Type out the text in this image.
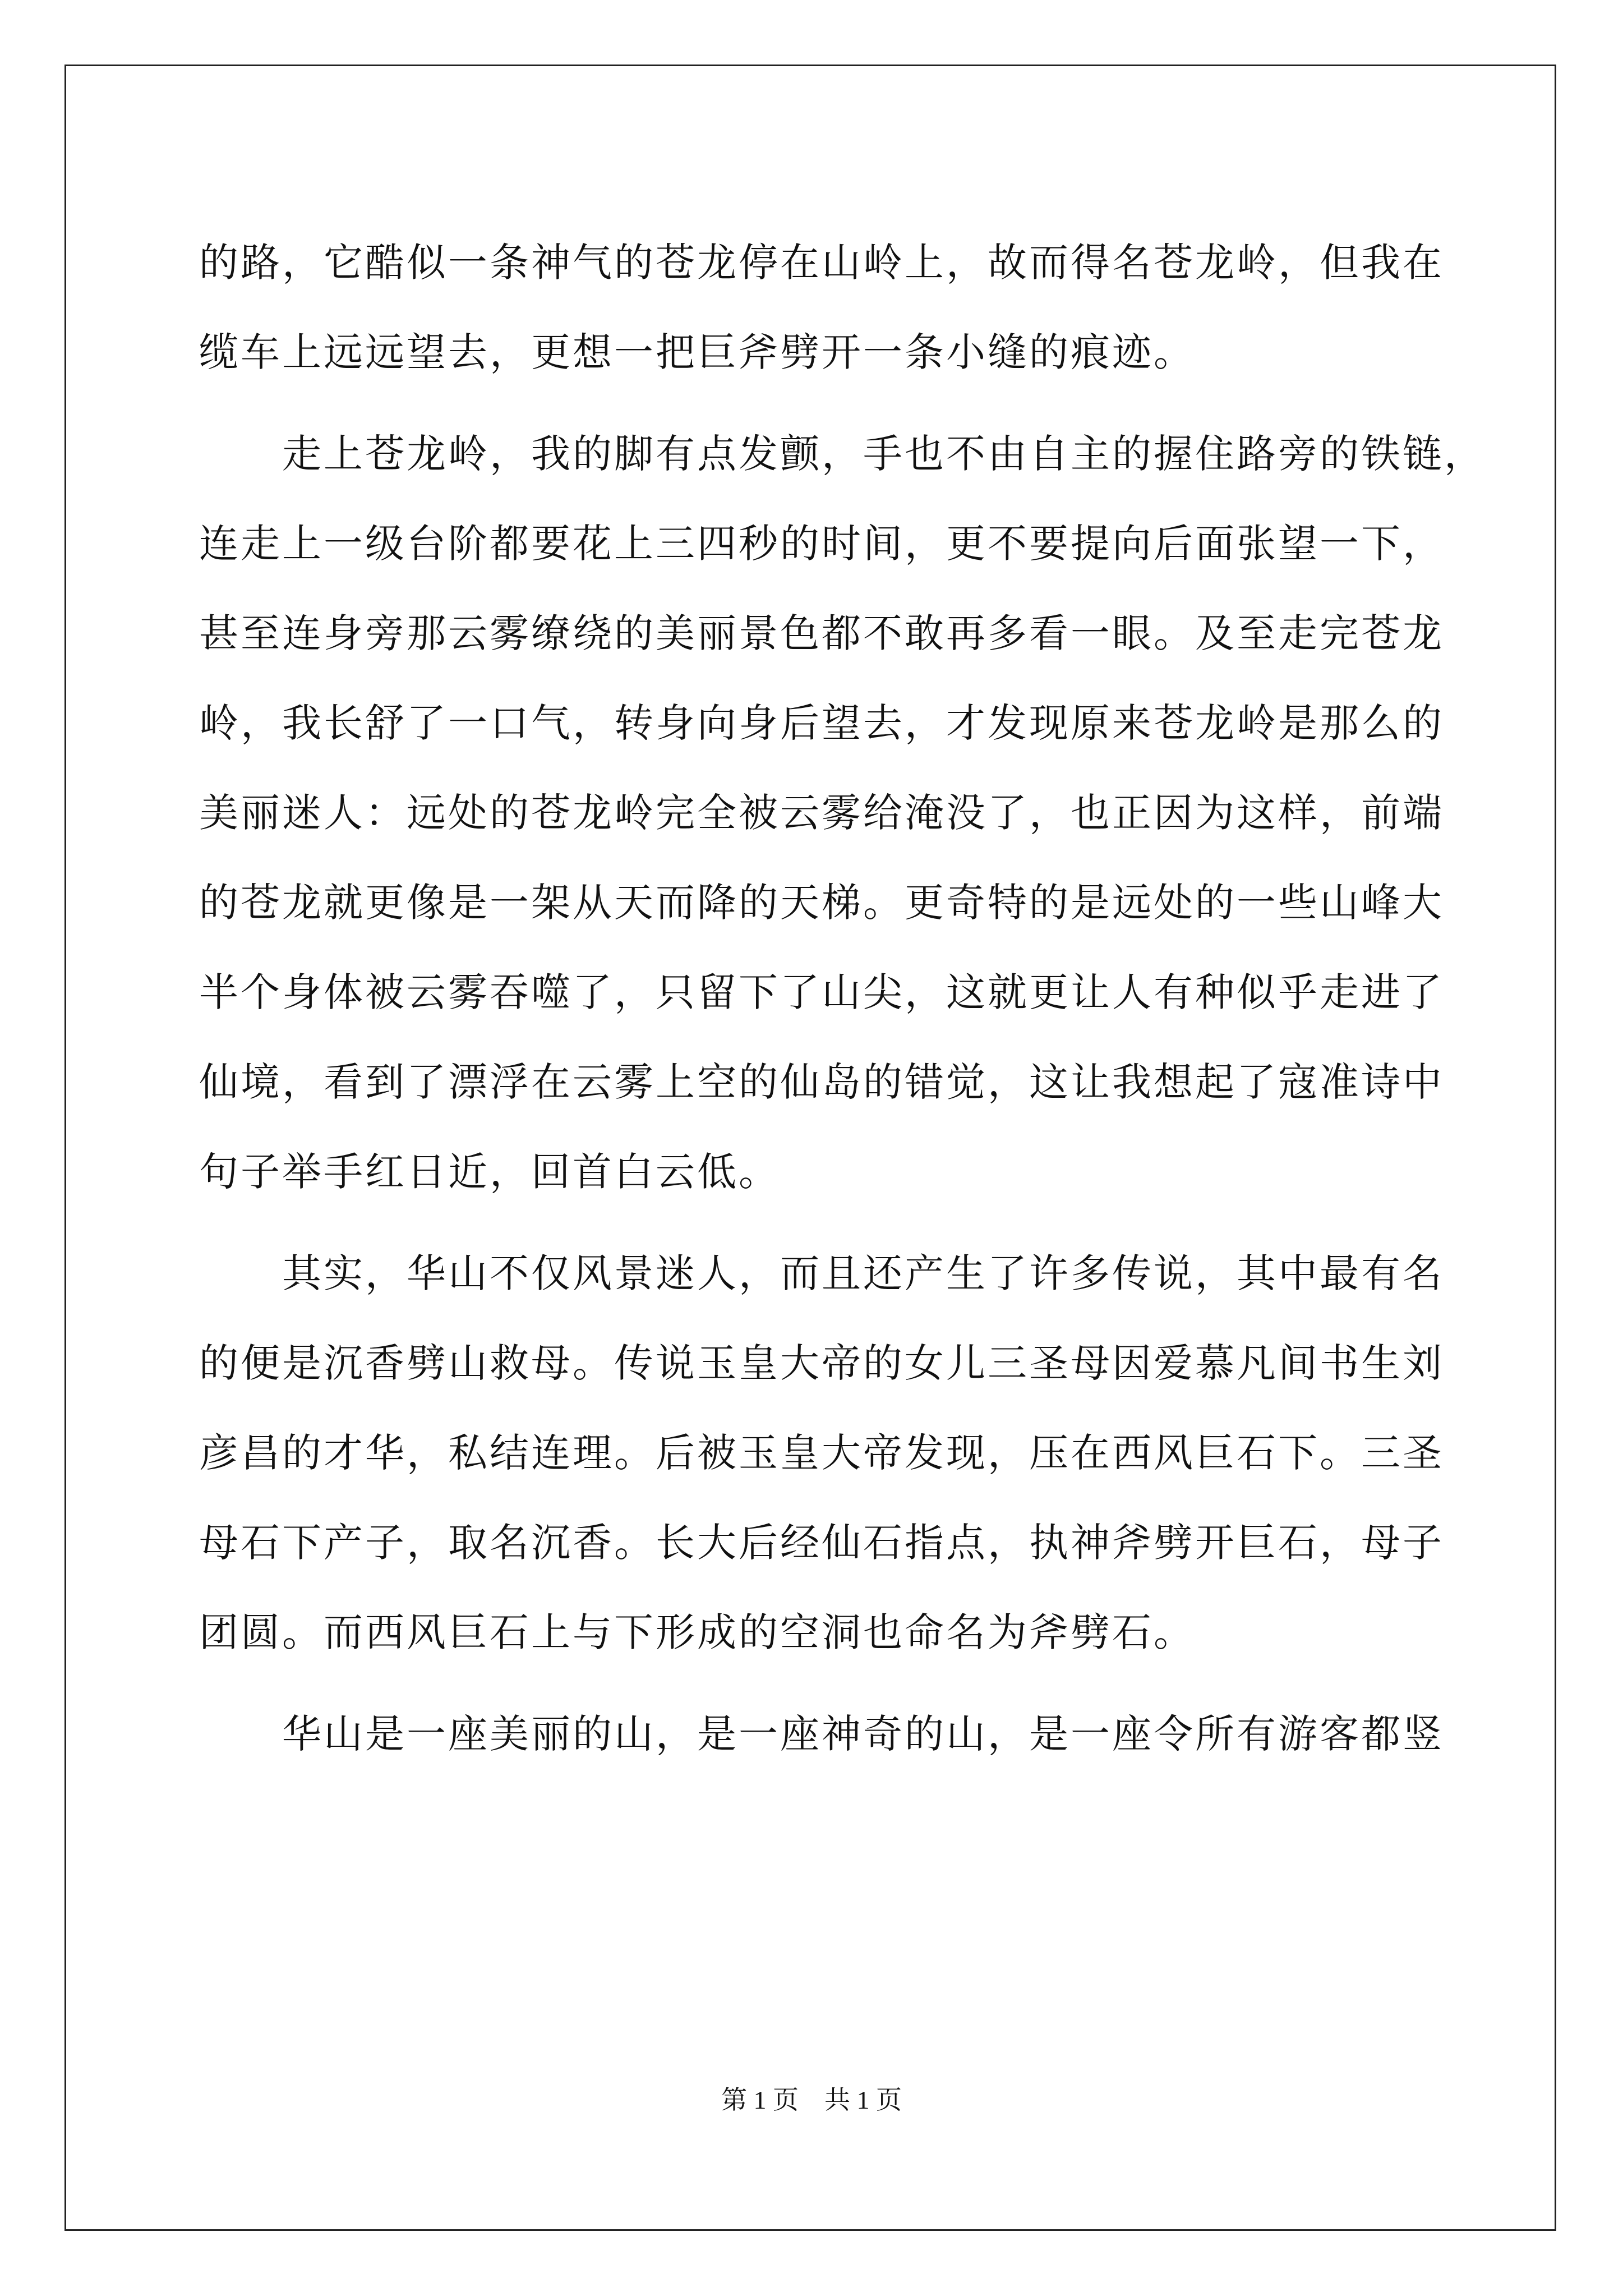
的路，它酷似一条神气的苍龙停在山岭上，故而得名苍龙岭，但我在
缆车上远远望去，更想一把巨斧劈开一条小缝的痕迹。
走上苍龙岭，我的脚有点发颤，手也不由自主的握住路旁的铁链，
连走上一级台阶都要花上三四秒的时间，更不要提向后面张望一下，
甚至连身旁那云雾缭绕的美丽景色都不敢再多看一眼。及至走完苍龙
岭，我长舒了一口气，转身向身后望去，才发现原来苍龙岭是那么的
美丽迷人：远处的苍龙岭完全被云雾给淹没了，也正因为这样，前端
的苍龙就更像是一架从天而降的天梯。更奇特的是远处的一些山峰大
半个身体被云雾吞噬了，只留下了山尖，这就更让人有种似乎走进了
仙境，看到了漂浮在云雾上空的仙岛的错觉，这让我想起了寇准诗中
句子举手红日近，回首白云低。
其实，华山不仅风景迷人，而且还产生了许多传说，其中最有名
的便是沉香劈山救母。传说玉皇大帝的女儿三圣母因爱慕凡间书生刘
彦昌的才华，私结连理。后被玉皇大帝发现，压在西风巨石下。三圣
母石下产子，取名沉香。长大后经仙石指点，执神斧劈开巨石，母子
团圆。而西风巨石上与下形成的空洞也命名为斧劈石。
华山是一座美丽的山，是一座神奇的山，是一座令所有游客都竖
第 1 页　共 1 页
